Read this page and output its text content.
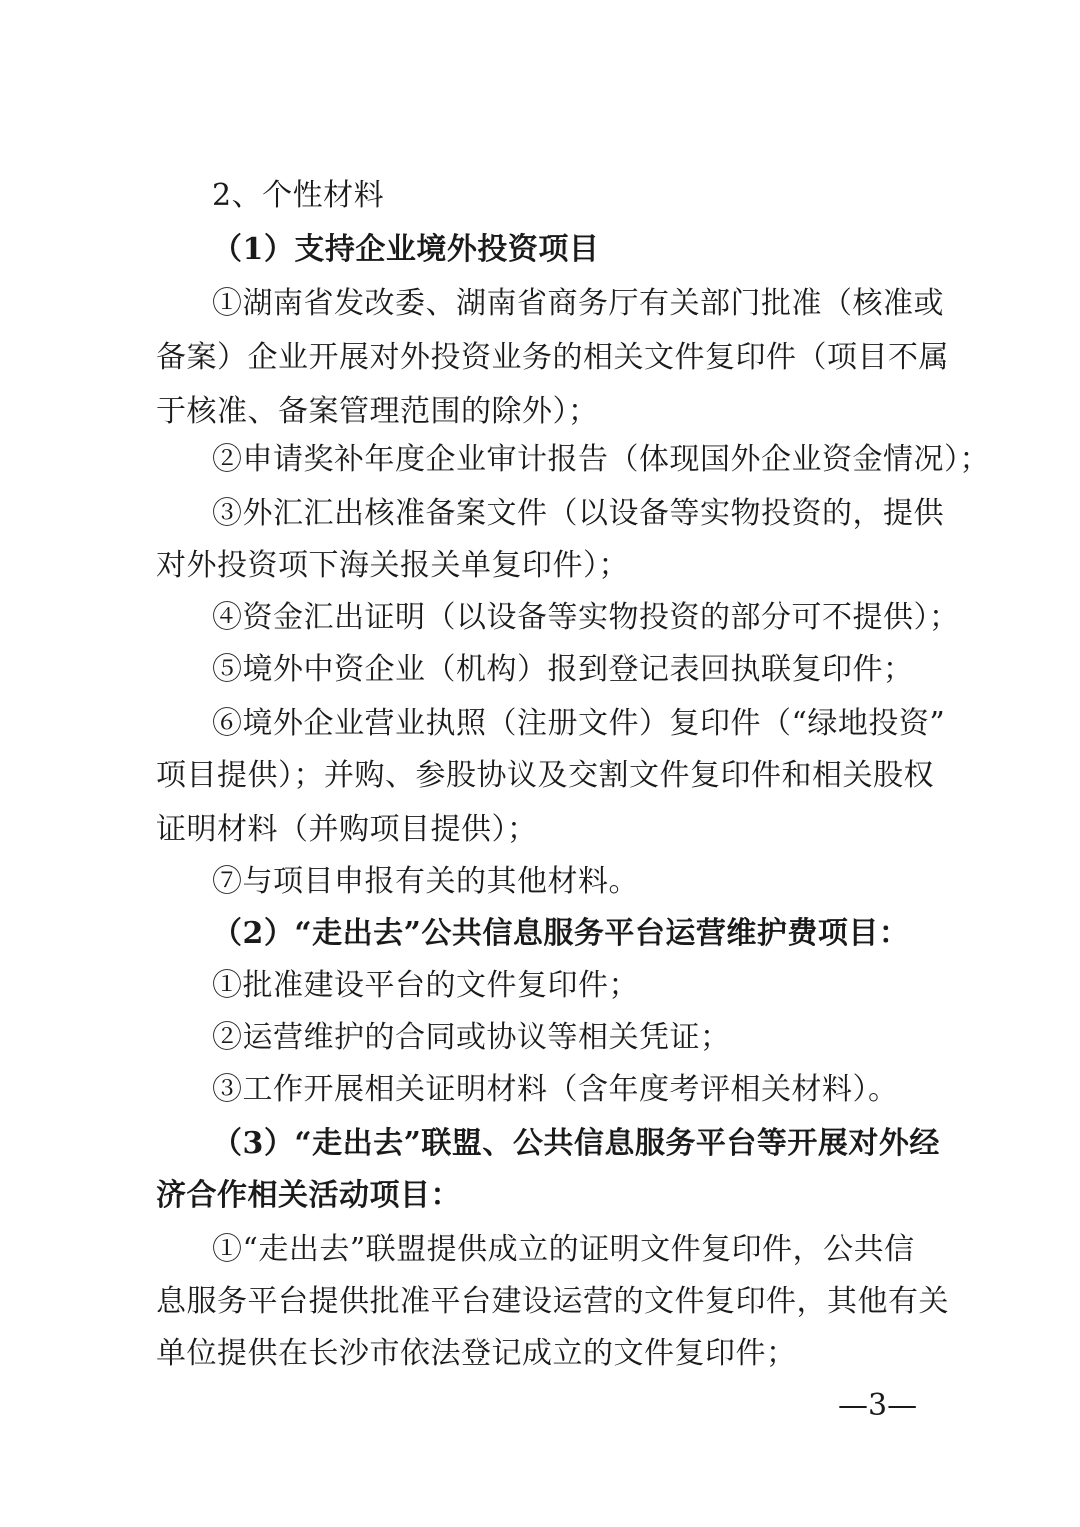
2、个性材料
（1）支持企业境外投资项目
①湖南省发改委、湖南省商务厅有关部门批准（核准或
备案）企业开展对外投资业务的相关文件复印件（项目不属
于核准、备案管理范围的除外）；
②申请奖补年度企业审计报告（体现国外企业资金情况）；
③外汇汇出核准备案文件（以设备等实物投资的，提供
对外投资项下海关报关单复印件）；
④资金汇出证明（以设备等实物投资的部分可不提供）；
⑤境外中资企业（机构）报到登记表回执联复印件；
⑥境外企业营业执照（注册文件）复印件（“绿地投资”
项目提供）；并购、参股协议及交割文件复印件和相关股权
证明材料（并购项目提供）；
⑦与项目申报有关的其他材料。
（2）“走出去”公共信息服务平台运营维护费项目：
①批准建设平台的文件复印件；
②运营维护的合同或协议等相关凭证；
③工作开展相关证明材料（含年度考评相关材料）。
（3）“走出去”联盟、公共信息服务平台等开展对外经
济合作相关活动项目：
①“走出去”联盟提供成立的证明文件复印件，公共信
息服务平台提供批准平台建设运营的文件复印件，其他有关
单位提供在长沙市依法登记成立的文件复印件；
—3—
